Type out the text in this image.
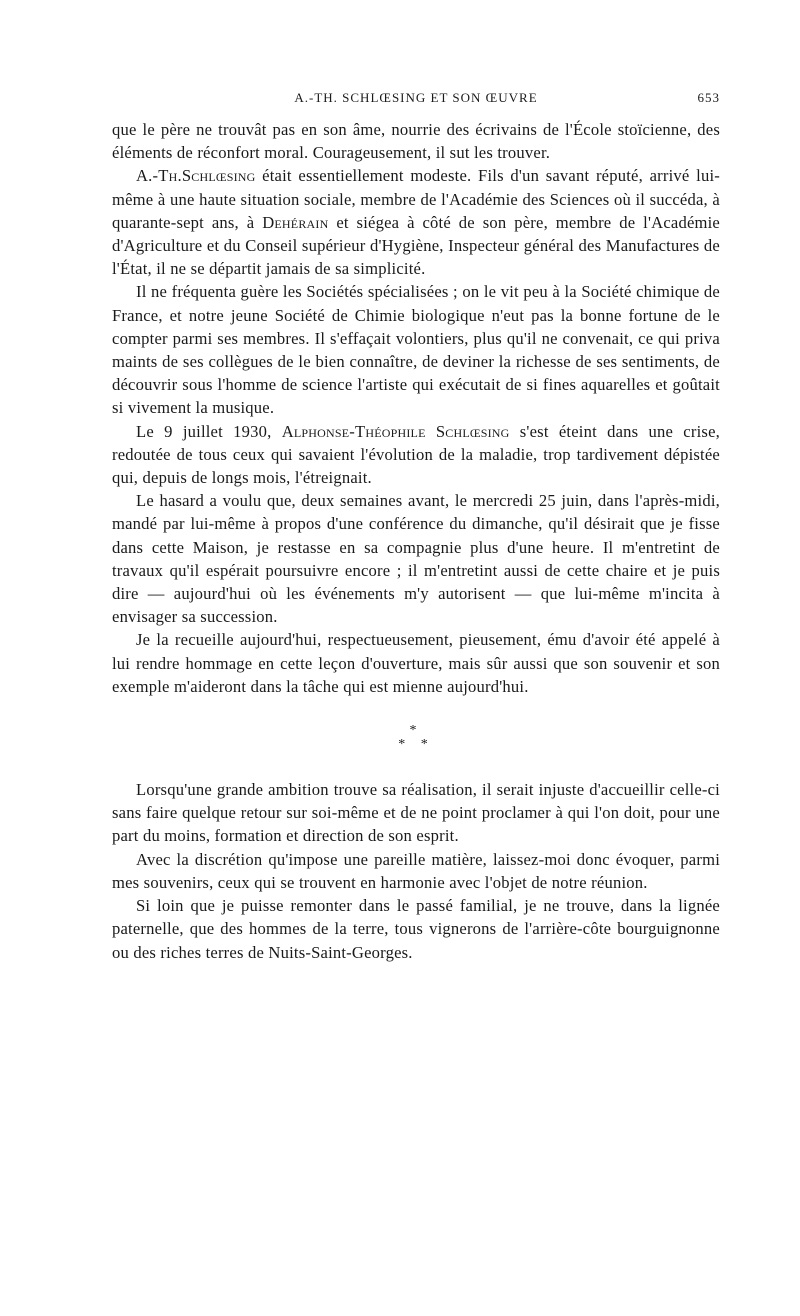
A.-TH. SCHLŒSING ET SON ŒUVRE	653

que le père ne trouvât pas en son âme, nourrie des écrivains de l'École stoïcienne, des éléments de réconfort moral. Courageusement, il sut les trouver.

A.-Th.Schlœsing était essentiellement modeste. Fils d'un savant réputé, arrivé lui-même à une haute situation sociale, membre de l'Académie des Sciences où il succéda, à quarante-sept ans, à Dehérain et siégea à côté de son père, membre de l'Académie d'Agriculture et du Conseil supérieur d'Hygiène, Inspecteur général des Manufactures de l'État, il ne se départit jamais de sa simplicité.

Il ne fréquenta guère les Sociétés spécialisées ; on le vit peu à la Société chimique de France, et notre jeune Société de Chimie biologique n'eut pas la bonne fortune de le compter parmi ses membres. Il s'effaçait volontiers, plus qu'il ne convenait, ce qui priva maints de ses collègues de le bien connaître, de deviner la richesse de ses sentiments, de découvrir sous l'homme de science l'artiste qui exécutait de si fines aquarelles et goûtait si vivement la musique.

Le 9 juillet 1930, Alphonse-Théophile Schlœsing s'est éteint dans une crise, redoutée de tous ceux qui savaient l'évolution de la maladie, trop tardivement dépistée qui, depuis de longs mois, l'étreignait.

Le hasard a voulu que, deux semaines avant, le mercredi 25 juin, dans l'après-midi, mandé par lui-même à propos d'une conférence du dimanche, qu'il désirait que je fisse dans cette Maison, je restasse en sa compagnie plus d'une heure. Il m'entretint de travaux qu'il espérait poursuivre encore ; il m'entretint aussi de cette chaire et je puis dire — aujourd'hui où les événements m'y autorisent — que lui-même m'incita à envisager sa succession.

Je la recueille aujourd'hui, respectueusement, pieusement, ému d'avoir été appelé à lui rendre hommage en cette leçon d'ouverture, mais sûr aussi que son souvenir et son exemple m'aideront dans la tâche qui est mienne aujourd'hui.

*
* *

Lorsqu'une grande ambition trouve sa réalisation, il serait injuste d'accueillir celle-ci sans faire quelque retour sur soi-même et de ne point proclamer à qui l'on doit, pour une part du moins, formation et direction de son esprit.

Avec la discrétion qu'impose une pareille matière, laissez-moi donc évoquer, parmi mes souvenirs, ceux qui se trouvent en harmonie avec l'objet de notre réunion.

Si loin que je puisse remonter dans le passé familial, je ne trouve, dans la lignée paternelle, que des hommes de la terre, tous vignerons de l'arrière-côte bourguignonne ou des riches terres de Nuits-Saint-Georges.
